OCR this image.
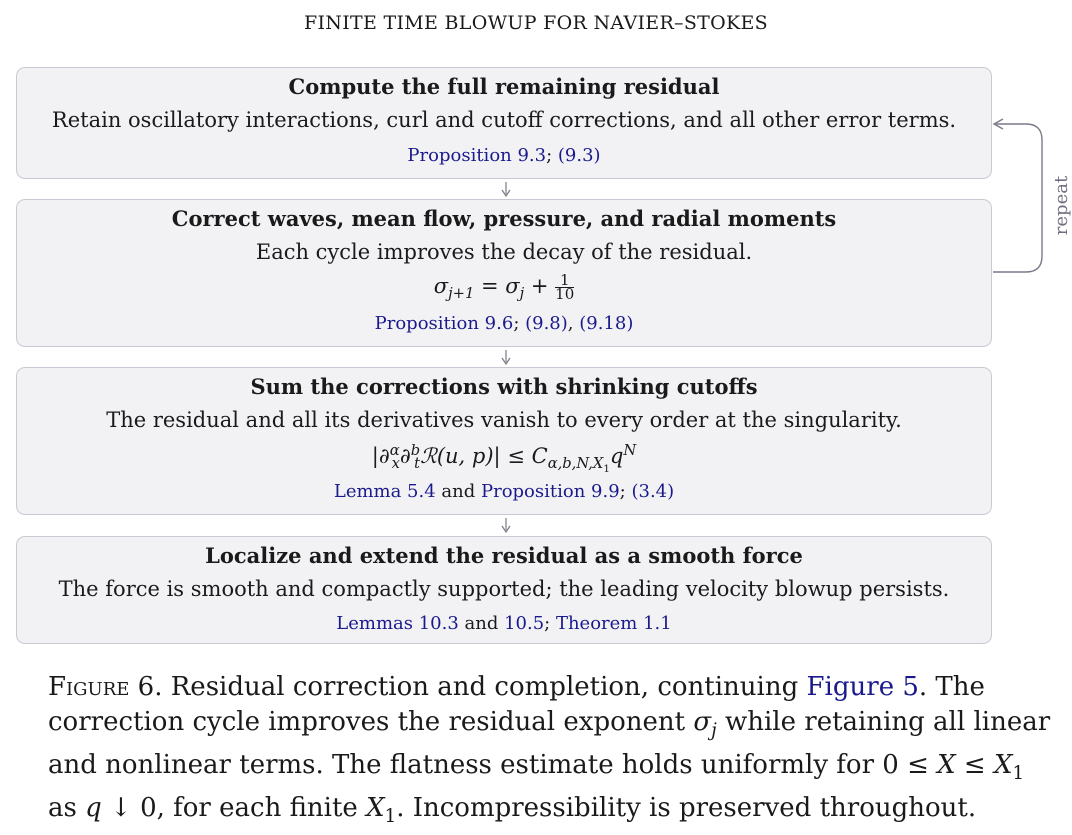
FINITE TIME BLOWUP FOR NAVIER–STOKES
Compute the full remaining residual
Retain oscillatory interactions, curl and cutoff corrections, and all other error terms.
Proposition 9.3; (9.3)
Correct waves, mean flow, pressure, and radial moments
Each cycle improves the decay of the residual.
$\sigma_{j+1} = \sigma_j + \frac{1}{10}$
Proposition 9.6; (9.8), (9.18)
Sum the corrections with shrinking cutoffs
The residual and all its derivatives vanish to every order at the singularity.
|∂$^\alpha_x$∂$^b_t$ℛ(u, $p)| \le C_{\alpha,b,N,X_1}q^N$
Lemma 5.4 and Proposition 9.9; (3.4)
Localize and extend the residual as a smooth force
The force is smooth and compactly supported; the leading velocity blowup persists.
Lemmas 10.3 and 10.5; Theorem 1.1
repeat
Figure 6. Residual correction and completion, continuing Figure 5. The
correction cycle improves the residual exponent $\sigma_j$ while retaining all linear
and nonlinear terms. The flatness estimate holds uniformly for $0 \le X \le X_1$
as q ↓ 0, for each finite $X_1$. Incompressibility is preserved throughout.
